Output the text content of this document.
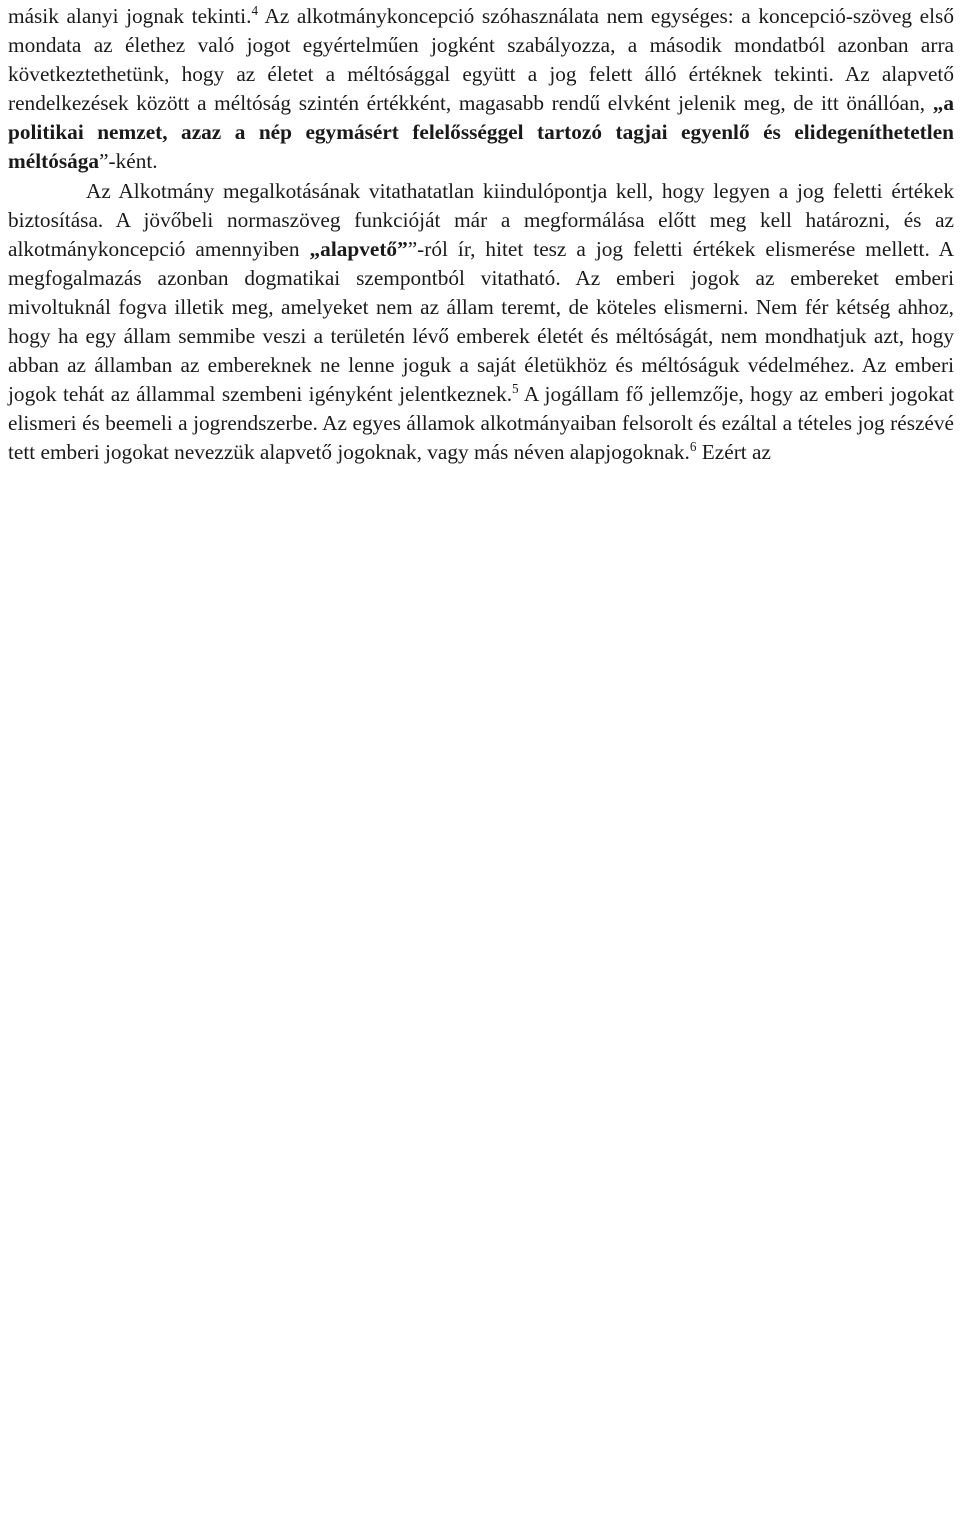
másik alanyi jognak tekinti.$^4$ Az alkotmánykoncepció szóhasználata nem egységes: a koncepció-szöveg első mondata az élethez való jogot egyértelműen jogként szabályozza, a második mondatból azonban arra következtethetünk, hogy az életet a méltósággal együtt a jog felett álló értéknek tekinti. Az alapvető rendelkezések között a méltóság szintén értékként, magasabb rendű elvként jelenik meg, de itt önállóan, „a politikai nemzet, azaz a nép egymásért felelősséggel tartozó tagjai egyenlő és elidegeníthetetlen méltósága”-ként.

Az Alkotmány megalkotásának vitathatatlan kiindulópontja kell, hogy legyen a jog feletti értékek biztosítása. A jövőbeli normaszöveg funkcióját már a megformálása előtt meg kell határozni, és az alkotmánykoncepció amennyiben „alapvető””-ról ír, hitet tesz a jog feletti értékek elismerése mellett. A megfogalmazás azonban dogmatikai szempontból vitatható. Az emberi jogok az embereket emberi mivoltuknál fogva illetik meg, amelyeket nem az állam teremt, de köteles elismerni. Nem fér kétség ahhoz, hogy ha egy állam semmibe veszi a területén lévő emberek életét és méltóságát, nem mondhatjuk azt, hogy abban az államban az embereknek ne lenne joguk a saját életükhöz és méltóságuk védelméhez. Az emberi jogok tehát az állammal szembeni igényként jelentkeznek.$^5$ A jogállam fő jellemzője, hogy az emberi jogokat elismeri és beemeli a jogrendszerbe. Az egyes államok alkotmányaiban felsorolt és ezáltal a tételes jog részévé tett emberi jogokat nevezzük alapvető jogoknak, vagy más néven alapjogoknak.$^6$ Ezért az
